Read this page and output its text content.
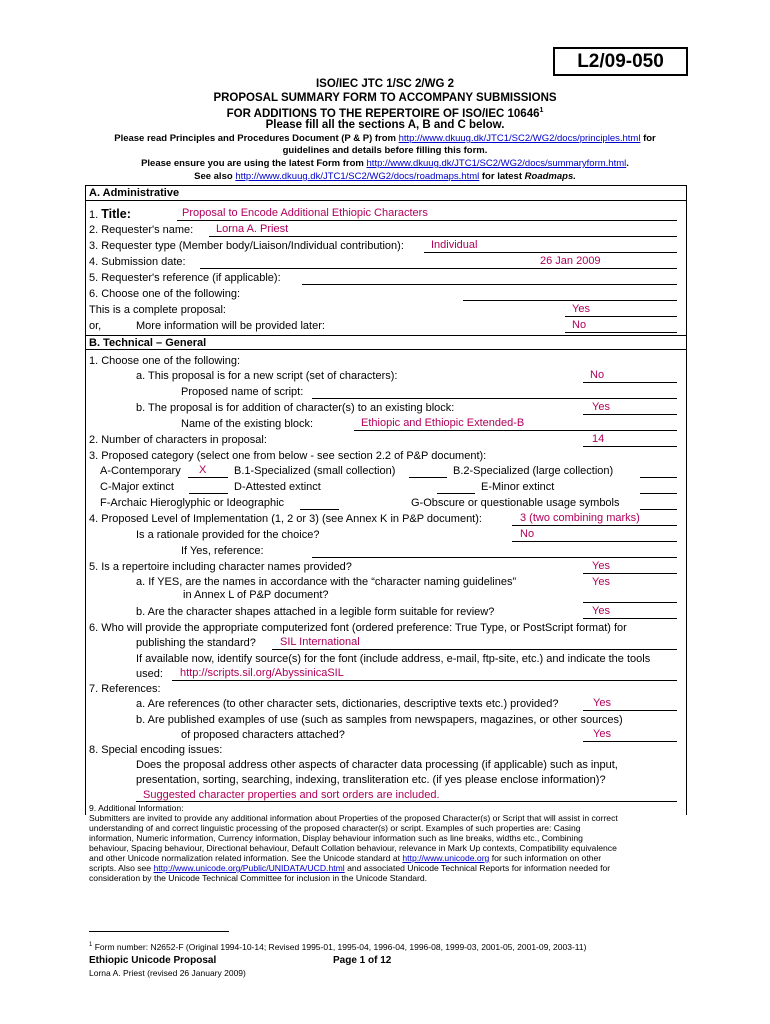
L2/09-050
ISO/IEC JTC 1/SC 2/WG 2
PROPOSAL SUMMARY FORM TO ACCOMPANY SUBMISSIONS
FOR ADDITIONS TO THE REPERTOIRE OF ISO/IEC 10646$^1$
Please fill all the sections A, B and C below.
Please read Principles and Procedures Document (P & P) from http://www.dkuug.dk/JTC1/SC2/WG2/docs/principles.html for
guidelines and details before filling this form.
Please ensure you are using the latest Form from http://www.dkuug.dk/JTC1/SC2/WG2/docs/summaryform.html.
See also http://www.dkuug.dk/JTC1/SC2/WG2/docs/roadmaps.html for latest Roadmaps.
A. Administrative
1. Title:	Proposal to Encode Additional Ethiopic Characters
2. Requester's name: Lorna A. Priest
3. Requester type (Member body/Liaison/Individual contribution): Individual
4. Submission date:	26 Jan 2009
5. Requester's reference (if applicable):
6. Choose one of the following:
This is a complete proposal:	Yes
or,	More information will be provided later:	No
B. Technical – General
1. Choose one of the following:
a. This proposal is for a new script (set of characters):	No
Proposed name of script:
b. The proposal is for addition of character(s) to an existing block:	Yes
Name of the existing block:	Ethiopic and Ethiopic Extended-B
2. Number of characters in proposal:	14
3. Proposed category (select one from below - see section 2.2 of P&P document):
A-Contemporary X	B.1-Specialized (small collection)	B.2-Specialized (large collection)
C-Major extinct	D-Attested extinct	E-Minor extinct
F-Archaic Hieroglyphic or Ideographic	G-Obscure or questionable usage symbols
4. Proposed Level of Implementation (1, 2 or 3) (see Annex K in P&P document):	3 (two combining marks)
Is a rationale provided for the choice?	No
If Yes, reference:
5. Is a repertoire including character names provided?	Yes
a. If YES, are the names in accordance with the “character naming guidelines”	Yes
in Annex L of P&P document?
b. Are the character shapes attached in a legible form suitable for review?	Yes
6. Who will provide the appropriate computerized font (ordered preference: True Type, or PostScript format) for
publishing the standard? SIL International
If available now, identify source(s) for the font (include address, e-mail, ftp-site, etc.) and indicate the tools
used: http://scripts.sil.org/AbyssinicaSIL
7. References:
a. Are references (to other character sets, dictionaries, descriptive texts etc.) provided?	Yes
b. Are published examples of use (such as samples from newspapers, magazines, or other sources)
of proposed characters attached?	Yes
8. Special encoding issues:
Does the proposal address other aspects of character data processing (if applicable) such as input,
presentation, sorting, searching, indexing, transliteration etc. (if yes please enclose information)?
Suggested character properties and sort orders are included.
9. Additional Information:
Submitters are invited to provide any additional information about Properties of the proposed Character(s) or Script that will assist in correct
understanding of and correct linguistic processing of the proposed character(s) or script. Examples of such properties are: Casing
information, Numeric information, Currency information, Display behaviour information such as line breaks, widths etc., Combining
behaviour, Spacing behaviour, Directional behaviour, Default Collation behaviour, relevance in Mark Up contexts, Compatibility equivalence
and other Unicode normalization related information. See the Unicode standard at http://www.unicode.org for such information on other
scripts. Also see http://www.unicode.org/Public/UNIDATA/UCD.html and associated Unicode Technical Reports for information needed for
consideration by the Unicode Technical Committee for inclusion in the Unicode Standard.
$^1$ Form number: N2652-F (Original 1994-10-14; Revised 1995-01, 1995-04, 1996-04, 1996-08, 1999-03, 2001-05, 2001-09, 2003-11)
Ethiopic Unicode Proposal	Page 1 of 12
Lorna A. Priest (revised 26 January 2009)
